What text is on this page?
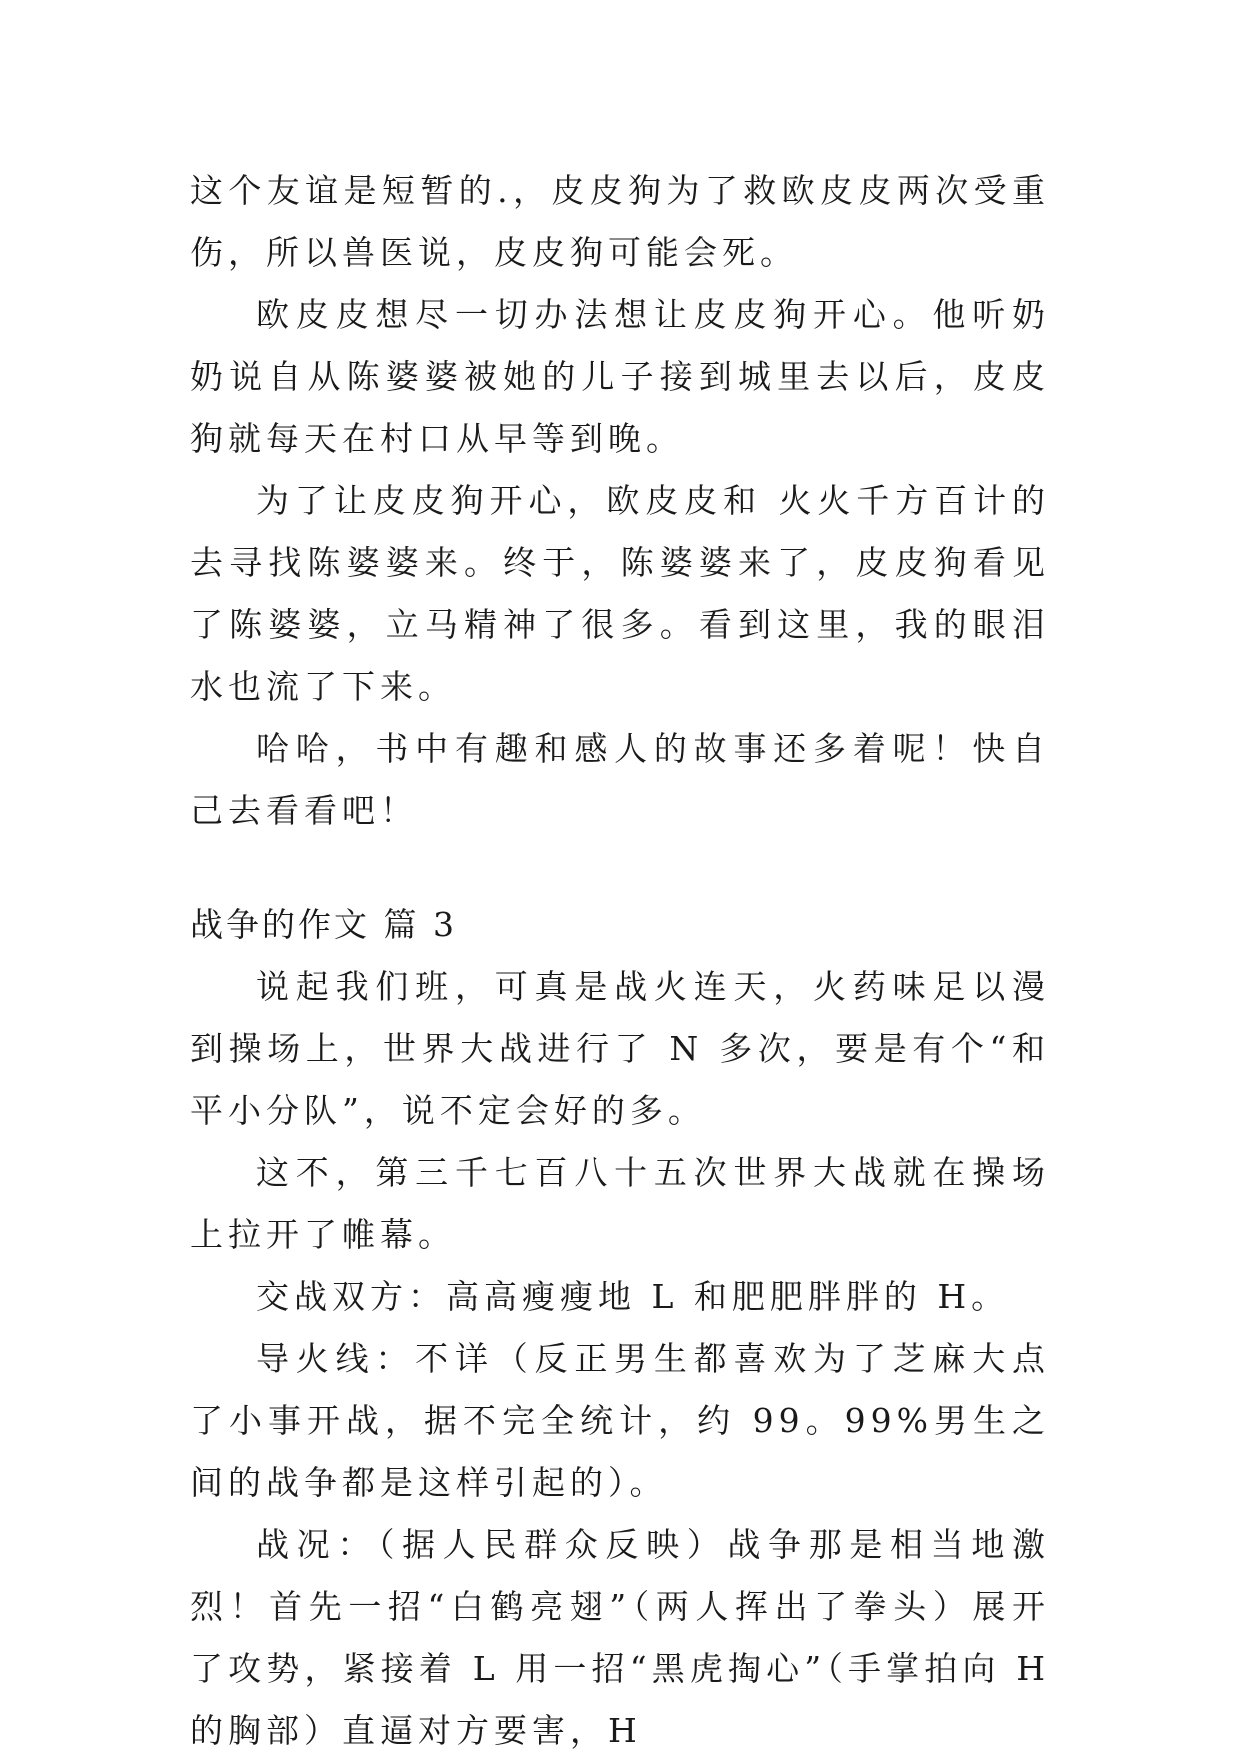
这个友谊是短暂的.，皮皮狗为了救欧皮皮两次受重伤，所以兽医说，皮皮狗可能会死。

欧皮皮想尽一切办法想让皮皮狗开心。他听奶奶说自从陈婆婆被她的儿子接到城里去以后，皮皮狗就每天在村口从早等到晚。

为了让皮皮狗开心，欧皮皮和 火火千方百计的去寻找陈婆婆来。终于，陈婆婆来了，皮皮狗看见了陈婆婆，立马精神了很多。看到这里，我的眼泪水也流了下来。

哈哈，书中有趣和感人的故事还多着呢！快自己去看看吧！

战争的作文 篇 3

说起我们班，可真是战火连天，火药味足以漫到操场上，世界大战进行了 N 多次，要是有个“和平小分队”，说不定会好的多。

这不，第三千七百八十五次世界大战就在操场上拉开了帷幕。

交战双方：高高瘦瘦地 L 和肥肥胖胖的 H。

导火线：不详（反正男生都喜欢为了芝麻大点了小事开战，据不完全统计，约 99。99%男生之间的战争都是这样引起的）。

战况：（据人民群众反映）战争那是相当地激烈！首先一招“白鹤亮翅”（两人挥出了拳头）展开了攻势，紧接着 L 用一招“黑虎掏心”（手掌拍向 H 的胸部）直逼对方要害，H
